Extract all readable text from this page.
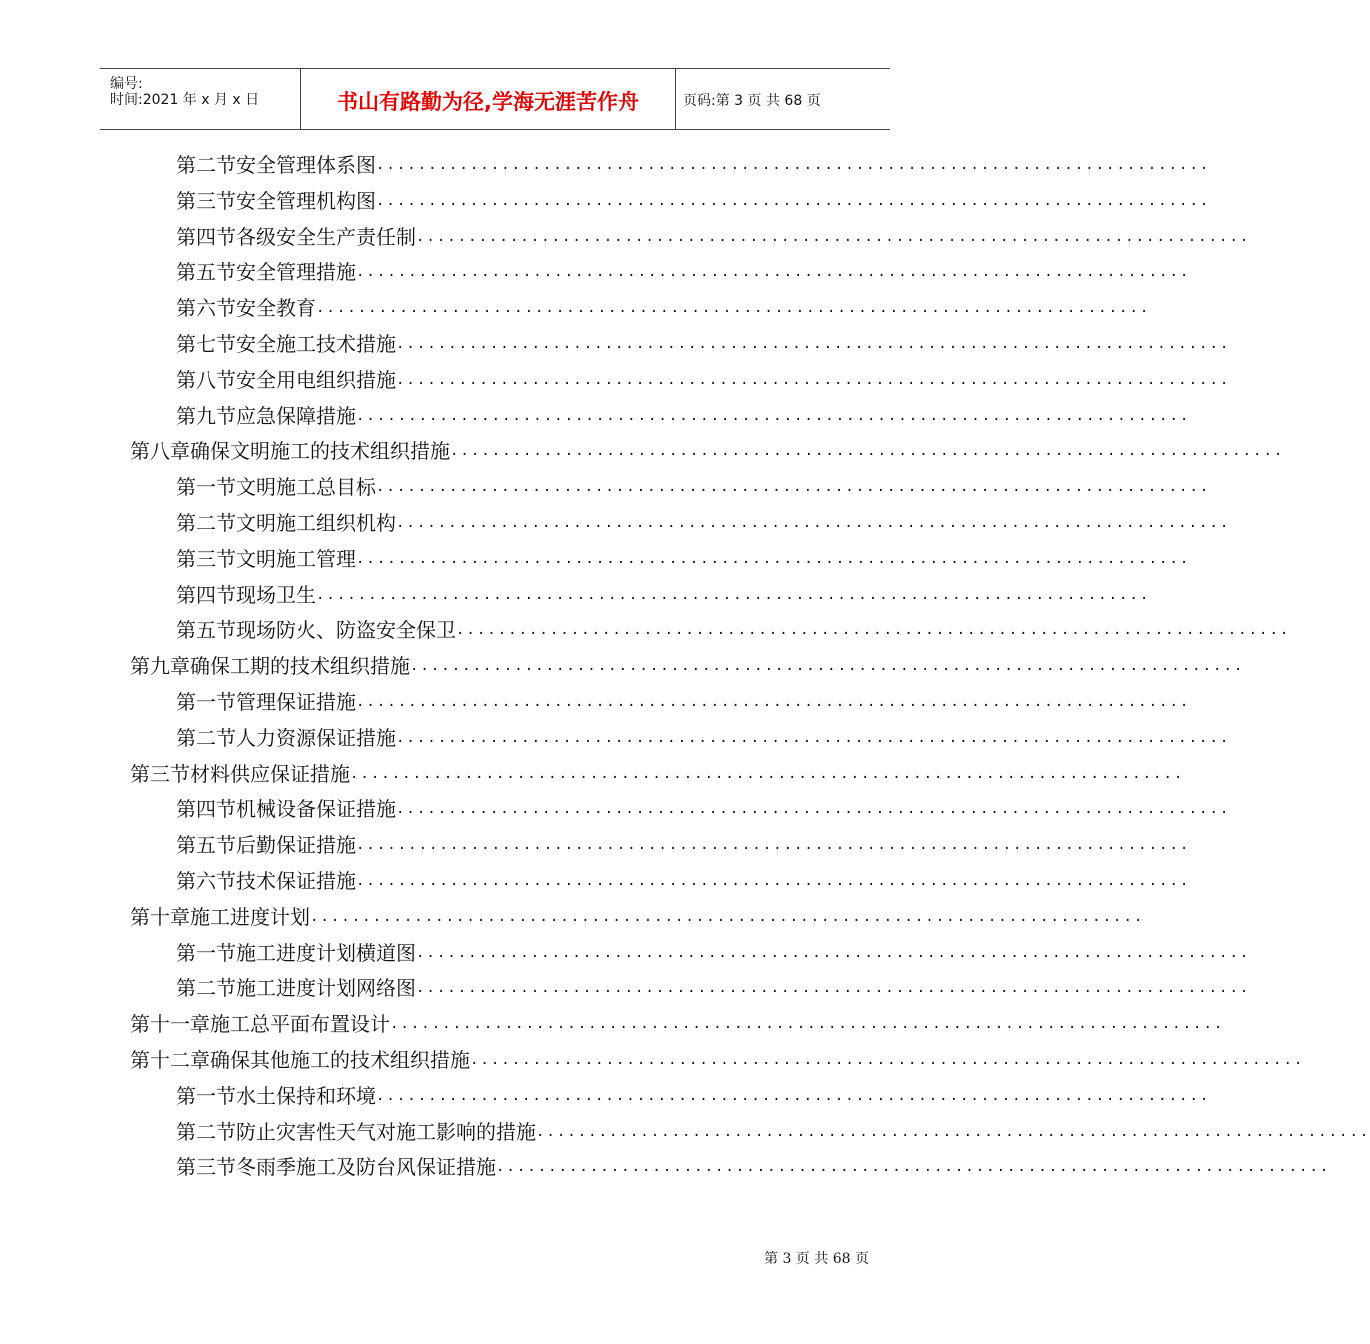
编号:
时间:2021 年 x 月 x 日	书山有路勤为径,学海无涯苦作舟	页码:第 3 页 共 68 页
第二节 安全管理体系图 ................................................................................
第三节 安全管理机构图 ................................................................................
第四节 各级安全生产责任制 ................................................................................
第五节 安全管理措施 ................................................................................
第六节 安全教育 ................................................................................
第七节 安全施工技术措施 ................................................................................
第八节 安全用电组织措施 ................................................................................
第九节 应急保障措施 ................................................................................
第八章 确保文明施工的技术组织措施 ................................................................................
第一节 文明施工总目标 ................................................................................
第二节 文明施工组织机构 ................................................................................
第三节 文明施工管理 ................................................................................
第四节 现场卫生 ................................................................................
第五节 现场防火、防盗安全保卫 ................................................................................
第九章 确保工期的技术组织措施 ................................................................................
第一节 管理保证措施 ................................................................................
第二节 人力资源保证措施 ................................................................................
第三节 材料供应保证措施 ................................................................................
第四节 机械设备保证措施 ................................................................................
第五节 后勤保证措施 ................................................................................
第六节 技术保证措施 ................................................................................
第十章 施工进度计划 ................................................................................
第一节 施工进度计划横道图 ................................................................................
第二节 施工进度计划网络图 ................................................................................
第十一章 施工总平面布置设计 ................................................................................
第十二章 确保其他施工的技术组织措施 ................................................................................
第一节 水土保持和环境 ................................................................................
第二节 防止灾害性天气对施工影响的措施 ................................................................................
第三节 冬雨季施工及防台风保证措施 ................................................................................
第 3 页 共 68 页
